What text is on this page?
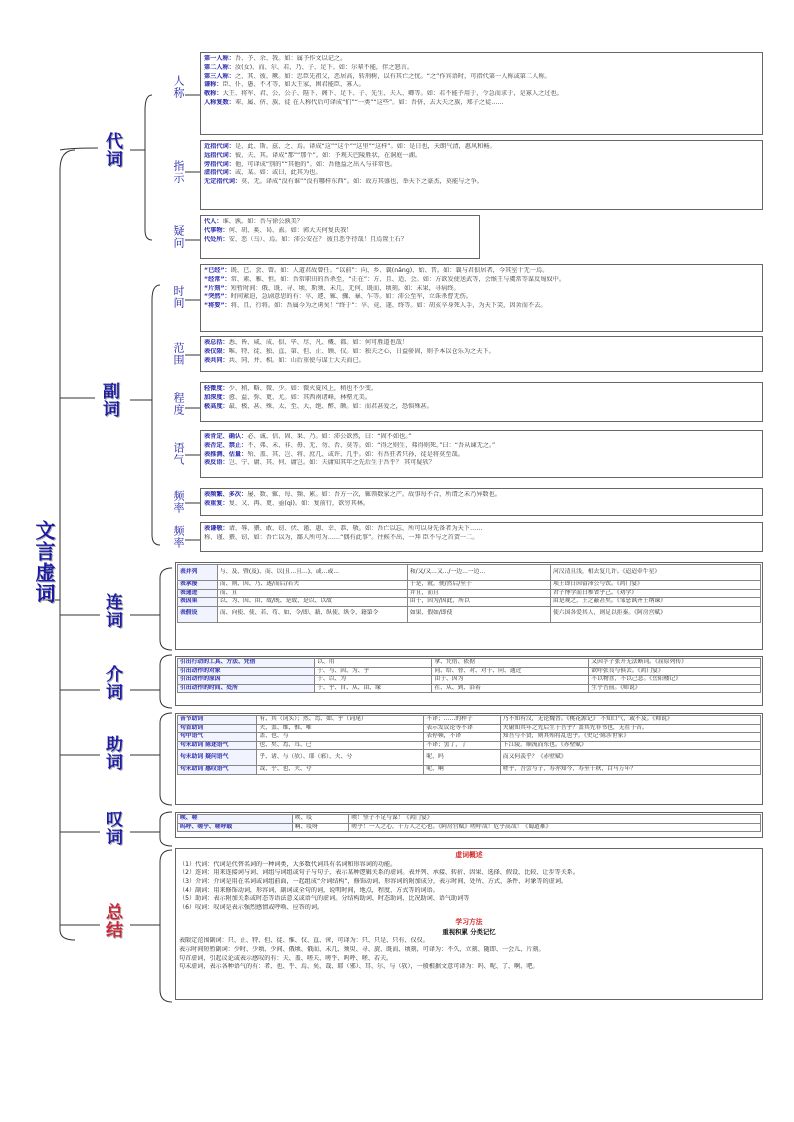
文言虚词
代词
副词
连词
介词
助词
叹词
总结
人称
指示
疑问
时间
范围
程度
语气
频率
频率
第一人称：吾、予、余、我。如：属予作文以记之。
第二人称：汝(女)、而、尔、若、乃、子、足下。如：尔辈不能，伴之怒言。
第三人称：之、其、彼、厥。如：忠臣先祖父，恶居高，转刑树，以有其亡之忧。“之”作宾语时，可指代第一人称或第二人称。
谦称：臣、仆、愚、不才等，如大王家，困君能臣，寡人。
敬称：大王、将军、君、公、公子、陛下、阁下、足下、子、先生、夫人、卿等。如：若不能予用于，令急而求于，是寡人之过也。
人称复数：辈、属、侪、族、徒 在人称代后可译成“们”“一类”“这些”。如：吾侪，去大夫之族，郑子之徒……
近指代词：是、此、斯、兹、之、焉。译成“这”“这个”“这里”“这样”。如：是日也，天朗气清，惠风和畅。
远指代词：彼、夫、其。译成“那”“那个”。如：予观夫巴陵胜状，在洞庭一湖。
旁指代词：他，可译成“别的”“其他的”。如：吾他益之出入与非常也。
虚指代词：或、某。如：或曰，此其为也。
无定指代词：莫、无。译成“没有谁”“没有哪样东西”。如：故方其盛也，举天下之豪杰，莫能与之争。
代人：谁、孰。如：吾与徐公孰美？
代事物：何、胡、奚、曷、盍。如：郭大夫何复氏我！
代处所：安、恶（乌）、焉。如：沛公安在？ 彼且恶乎待哉！且焉置土石？
“已经”：既、已、尝、曾。如：人道君故曾任。“以前”：向、乡、曩(nǎng)、始、昔。如：曩与君俱居者，今其室十无一焉。
“经常”：常、素、雅、恒。如：吾常职田的吾杀至，“正在”：方、且、适、会。如：方欲发使送武等，会缑王与虞常等谋反匈奴中。
“片刻”：短暂时间：俄、既、寻、顷，斯须、未几、无何、既而、顷刻。如：未果，寻病终。
“突然”：时间紧迫，急剧意思的有：卒、遽、辄、骤、暴、乍等。如：沛公至军，立诛杀曹无伤。
“将要”：将、且、行将。如：吾属今为之虏矣！“终于”：卒、竟、遂、终等。如：胡亥卒身死人手，为天下笑，因舍而不去。
表总括：悉、皆、咸、成、俱、毕、尽、凡、概、都。如：何可胜道也哉！
表仅限：唯、特、徒、独、直、第、但、止、顾、仅。如：独夫之心，日益骄固，则予本以仓乐为之天下。
表共同：共、同、并、相。如：山后重使与谋士大夫而已。
轻微度：少、稍、略、微、少。如：微火夏风上，稍也不少变。
加深度：愈、益、弥、更、尤。如：其西南诸峰，林壑尤美。
极高度：最、极、甚、殊、太、至、大、绝、醉、颇。如：而君甚爱之，恐惧殊甚。
表肯定、确认：必、诚、信、固、果、乃。如：沛公欲然，曰：“固不如也。”
表否定、禁止：不、弗、未、非、毋、无、勿、否、莫等。如：“得之则生，弗得则死。”曰：“吾从谏无之。”
表推测、估量：殆、盖、其、岂、将、庶几、或许、几乎。如：有吾狂者只孙，徒是将莫至哉。
表反语：岂、宁、庸、其、何、庸岂。如：夫庸知其年之先后生于吾乎？ 其可疑欤？
表频繁、多次：屡、数、辄、每、频、累。如：吾方一次，辄领数家之产。故事每不合，所谓之未乃异数也。
表重复：复、又、再、更、亟(qì)。如：复前行，欲穷其林。
表谦敬：请、辱、猥、敢、窃、伏、谨、惠、幸、恭、敬。如：吾亡以忘，所可以身先备者为天下……
称、谨、猥、窃、如：吾亡以为，鄙人所可为……“偶有此事”。往候不出，一拜 臣不与之首贺一二。
表并列	与、及、暨(及)、而、以(且…且…)、或…或…	和/又/又…又…/一边…一边…	河汉清且浅，相去复几许。《迢迢牵牛星》
表承接	而、则、因、乃、遂/而后/若夫	于是，就，便/然后/至于	项王即日因留沛公与饮。《鸿门宴》
表递进	而、且	并且，而且	君子博学而日参省乎己。《劝学》
表因果	以、为、因、由、故/既、是故、是以、以故	由于，因为/因此，所以	由是观之，王之蔽甚矣。《邹忌讽齐王纳谏》
表假设	而、向使、使、若、苟、如、令/即、藉、纵使、纵令、籍第令	如果、假如/即使	使六国各爱其人，则足以拒秦。《阿房宫赋》
引出行动的工具、方法、凭借	以、用	拿、凭借、依据	又因孚子张开无法断词。《屈原列传》
引出动作的对象	于、与、因、为、乎	同、给、替、对、对于、向、通过	欲呼张良与俱去。《鸿门宴》
引出动作的原因	于、以、为	由于、因为	不以物喜，不以己悲。《岳阳楼记》
引出动作的时间、处所	于、乎、自、从、由、缘	在、从、到、沿着	生乎吾前。《师说》
音节助词	有、其（词头）；然、焉、如、乎（词尾）	不译；……的样子	乃不知有汉，无论魏晋。《桃花源记》 不知口气，或不及。《师说》
句首助词	夫、盖、维、惟、唯	表示发议论等不译	夫庸知其年之先后生于吾乎？盖其先非书也，无在于昔。
句中语气	盖、也、与	表停顿，不译	知吾与不贤，则其殆将乱也乎。《史记·陈涉世家》
句末助词 陈述语气	也、矣、焉、耳、已	不译；罢了，了	下江陵，顺流而东也。《赤壁赋》
句末助词 疑问语气	乎、诸、与（欤）、耶（邪）、夫、兮	呢、吗	而又何羡乎？《赤壁赋》
句末助词 感叹语气	哉、乎、也、夫、兮	呢、啊	嗟乎，吾尝与子，寿亦知今，寿至千秋，白马万年？
唉、嗟	唉、哎	唉！竖子不足与谋！《鸿门宴》
呜呼、嗟乎、嗟呼载	啊、哎呀	嗟乎！一人之心，千万人之心也。《阿房宫赋》嗟呼哉！危乎高哉！《蜀道难》
虚词概述
（1）代词：代词是代替名词的一种词类，大多数代词具有名词和形容词的功能。
（2）连词：用来连接词与词、词组与词组或句子与句子，表示某种逻辑关系的虚词。表并列、承接、转折、因果、选择、假设、比较、让步等关系。
（3）介词：介词是用在名词或词组前面，一起组成“介词结构”，修饰动词、形容词的附加成分，表示时间、处所、方式、条件、对象等的虚词。
（4）副词：用来修饰动词，形容词，副词或全句的词，说明时间，地点，程度，方式等的词语。
（5）助词：表示附加关系或时态等语法意义或语气的虚词。分结构助词、时态助词、比况助词、语气助词等
（6）叹词：叹词是表示强烈感情或呼唤、应答的词。
学习方法
重视积累 分类记忆
表限定范围副词：只、止、特、但、徒、惟、仅、直、啻，可译为：只、只是、只有、仅仅。
表示时间短暂副词：少时、少顷、少间、俄顷、俄而、未几、须臾、寻、旋、既而、顷刻，可译为：不久、立刻、随即、一会儿、片刻。
句首虚词，引起议论或表示感叹的有：夫、盖、嗟夫、嗟乎、呜呼、嗟、若夫。
句末虚词，表示各种语气的有：者、也、乎、焉、矣、哉、耶（邪）、耳、尔、与（欤），一般根据文意可译为：吗、呢、了、啊、吧。
